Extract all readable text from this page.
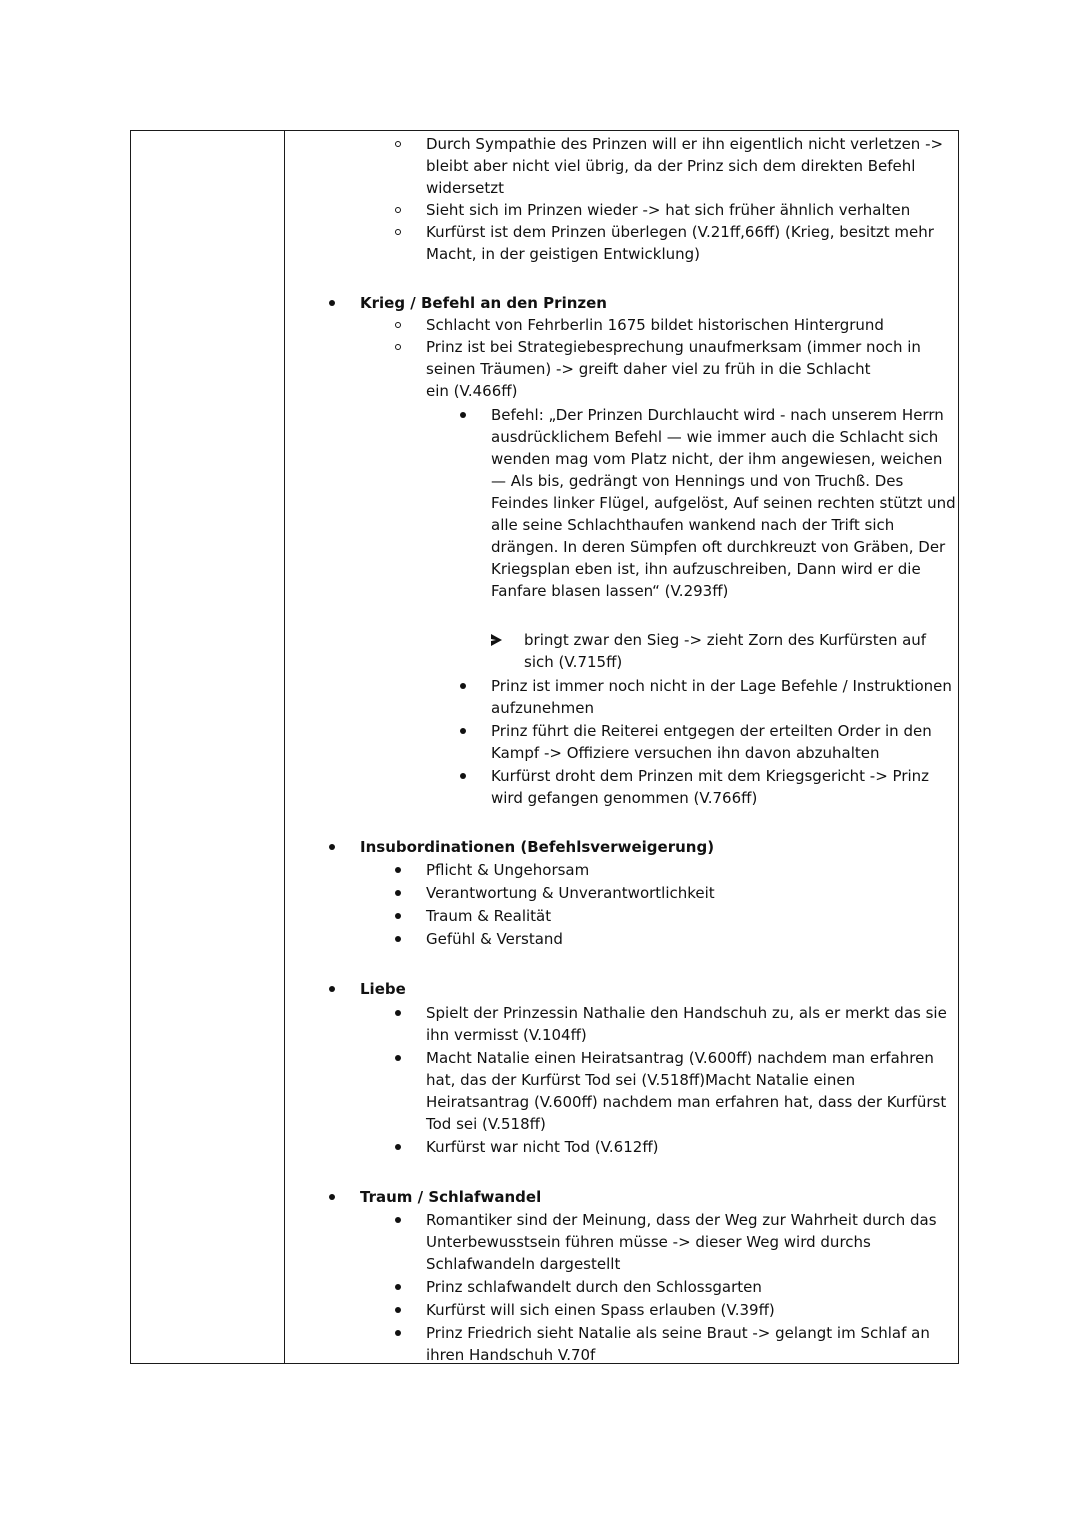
Durch Sympathie des Prinzen will er ihn eigentlich nicht verletzen ->
bleibt aber nicht viel übrig, da der Prinz sich dem direkten Befehl
widersetzt
Sieht sich im Prinzen wieder -> hat sich früher ähnlich verhalten
Kurfürst ist dem Prinzen überlegen (V.21ff,66ff) (Krieg, besitzt mehr
Macht, in der geistigen Entwicklung)
Krieg / Befehl an den Prinzen
Schlacht von Fehrberlin 1675 bildet historischen Hintergrund
Prinz ist bei Strategiebesprechung unaufmerksam (immer noch in
seinen Träumen) -> greift daher viel zu früh in die Schlacht
ein (V.466ff)
Befehl: „Der Prinzen Durchlaucht wird - nach unserem Herrn
ausdrücklichem Befehl — wie immer auch die Schlacht sich
wenden mag vom Platz nicht, der ihm angewiesen, weichen
— Als bis, gedrängt von Hennings und von Truchß. Des
Feindes linker Flügel, aufgelöst, Auf seinen rechten stützt und
alle seine Schlachthaufen wankend nach der Trift sich
drängen. In deren Sümpfen oft durchkreuzt von Gräben, Der
Kriegsplan eben ist, ihn aufzuschreiben, Dann wird er die
Fanfare blasen lassen“ (V.293ff)
bringt zwar den Sieg -> zieht Zorn des Kurfürsten auf
sich (V.715ff)
Prinz ist immer noch nicht in der Lage Befehle / Instruktionen
aufzunehmen
Prinz führt die Reiterei entgegen der erteilten Order in den
Kampf -> Offiziere versuchen ihn davon abzuhalten
Kurfürst droht dem Prinzen mit dem Kriegsgericht -> Prinz
wird gefangen genommen (V.766ff)
Insubordinationen (Befehlsverweigerung)
Pflicht & Ungehorsam
Verantwortung & Unverantwortlichkeit
Traum & Realität
Gefühl & Verstand
Liebe
Spielt der Prinzessin Nathalie den Handschuh zu, als er merkt das sie
ihn vermisst (V.104ff)
Macht Natalie einen Heiratsantrag (V.600ff) nachdem man erfahren
hat, das der Kurfürst Tod sei (V.518ff)Macht Natalie einen
Heiratsantrag (V.600ff) nachdem man erfahren hat, dass der Kurfürst
Tod sei (V.518ff)
Kurfürst war nicht Tod (V.612ff)
Traum / Schlafwandel
Romantiker sind der Meinung, dass der Weg zur Wahrheit durch das
Unterbewusstsein führen müsse -> dieser Weg wird durchs
Schlafwandeln dargestellt
Prinz schlafwandelt durch den Schlossgarten
Kurfürst will sich einen Spass erlauben (V.39ff)
Prinz Friedrich sieht Natalie als seine Braut -> gelangt im Schlaf an
ihren Handschuh V.70f
